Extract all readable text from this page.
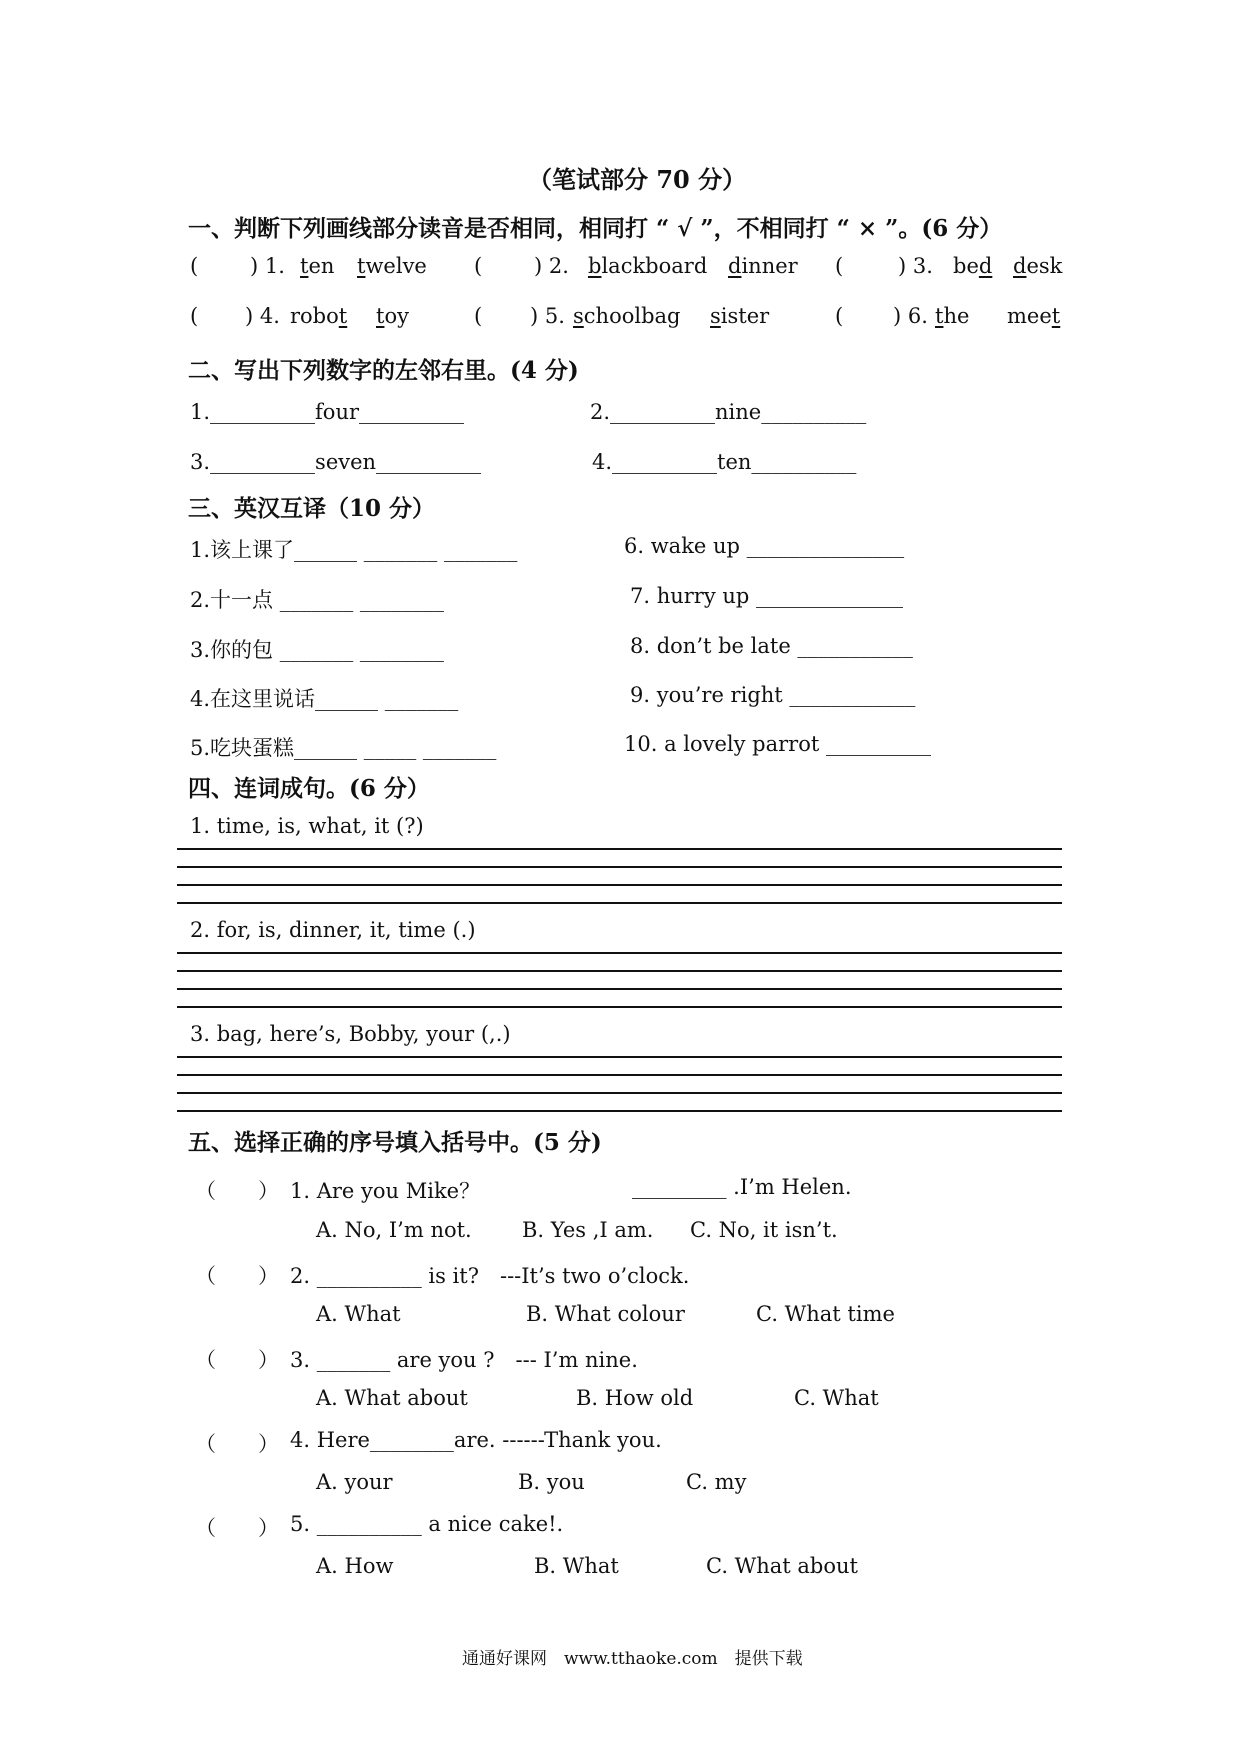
（笔试部分 70 分）
一、判断下列画线部分读音是否相同，相同打 “ √ ”，不相同打 “ × ”。(6 分）
( ) 1. ten twelve ( ) 2. blackboard dinner (	) 3. bed desk
( ) 4. robot toy	( ) 5. schoolbag sister	( ) 6. the meet
二、写出下列数字的左邻右里。(4 分)
1.__________four__________	2.__________nine__________
3.__________seven__________	4.__________ten__________
三、英汉互译（10 分）
1.该上课了______ _______ _______
2.十一点 _______ ________
3.你的包 _______ ________
4.在这里说话______ _______
5.吃块蛋糕______ _____ _______
6. wake up _______________
7. hurry up ______________
8. don’t be late ___________
9. you’re right ____________
10. a lovely parrot __________
四、连词成句。(6 分）
1. time, is, what, it (?)
2. for, is, dinner, it, time (.)
3. bag, here’s, Bobby, your (,.)
五、选择正确的序号填入括号中。(5 分)
（　　） 1. Are you Mike？	_________ .I’m Helen.
A. No, I’m not. B. Yes ,I am. C. No, it isn’t.
（　　） 2. __________ is it?　---It’s two o’clock.
A. What	B. What colour	C. What time
（　　） 3. _______ are you ?　--- I’m nine.
A. What about	B. How old	C. What
（　　） 4. Here________are. ------Thank you.
A. your	B. you	C. my
（　　） 5. __________ a nice cake!.
A. How	B. What	C. What about
通通好课网　www.tthaoke.com　提供下载
